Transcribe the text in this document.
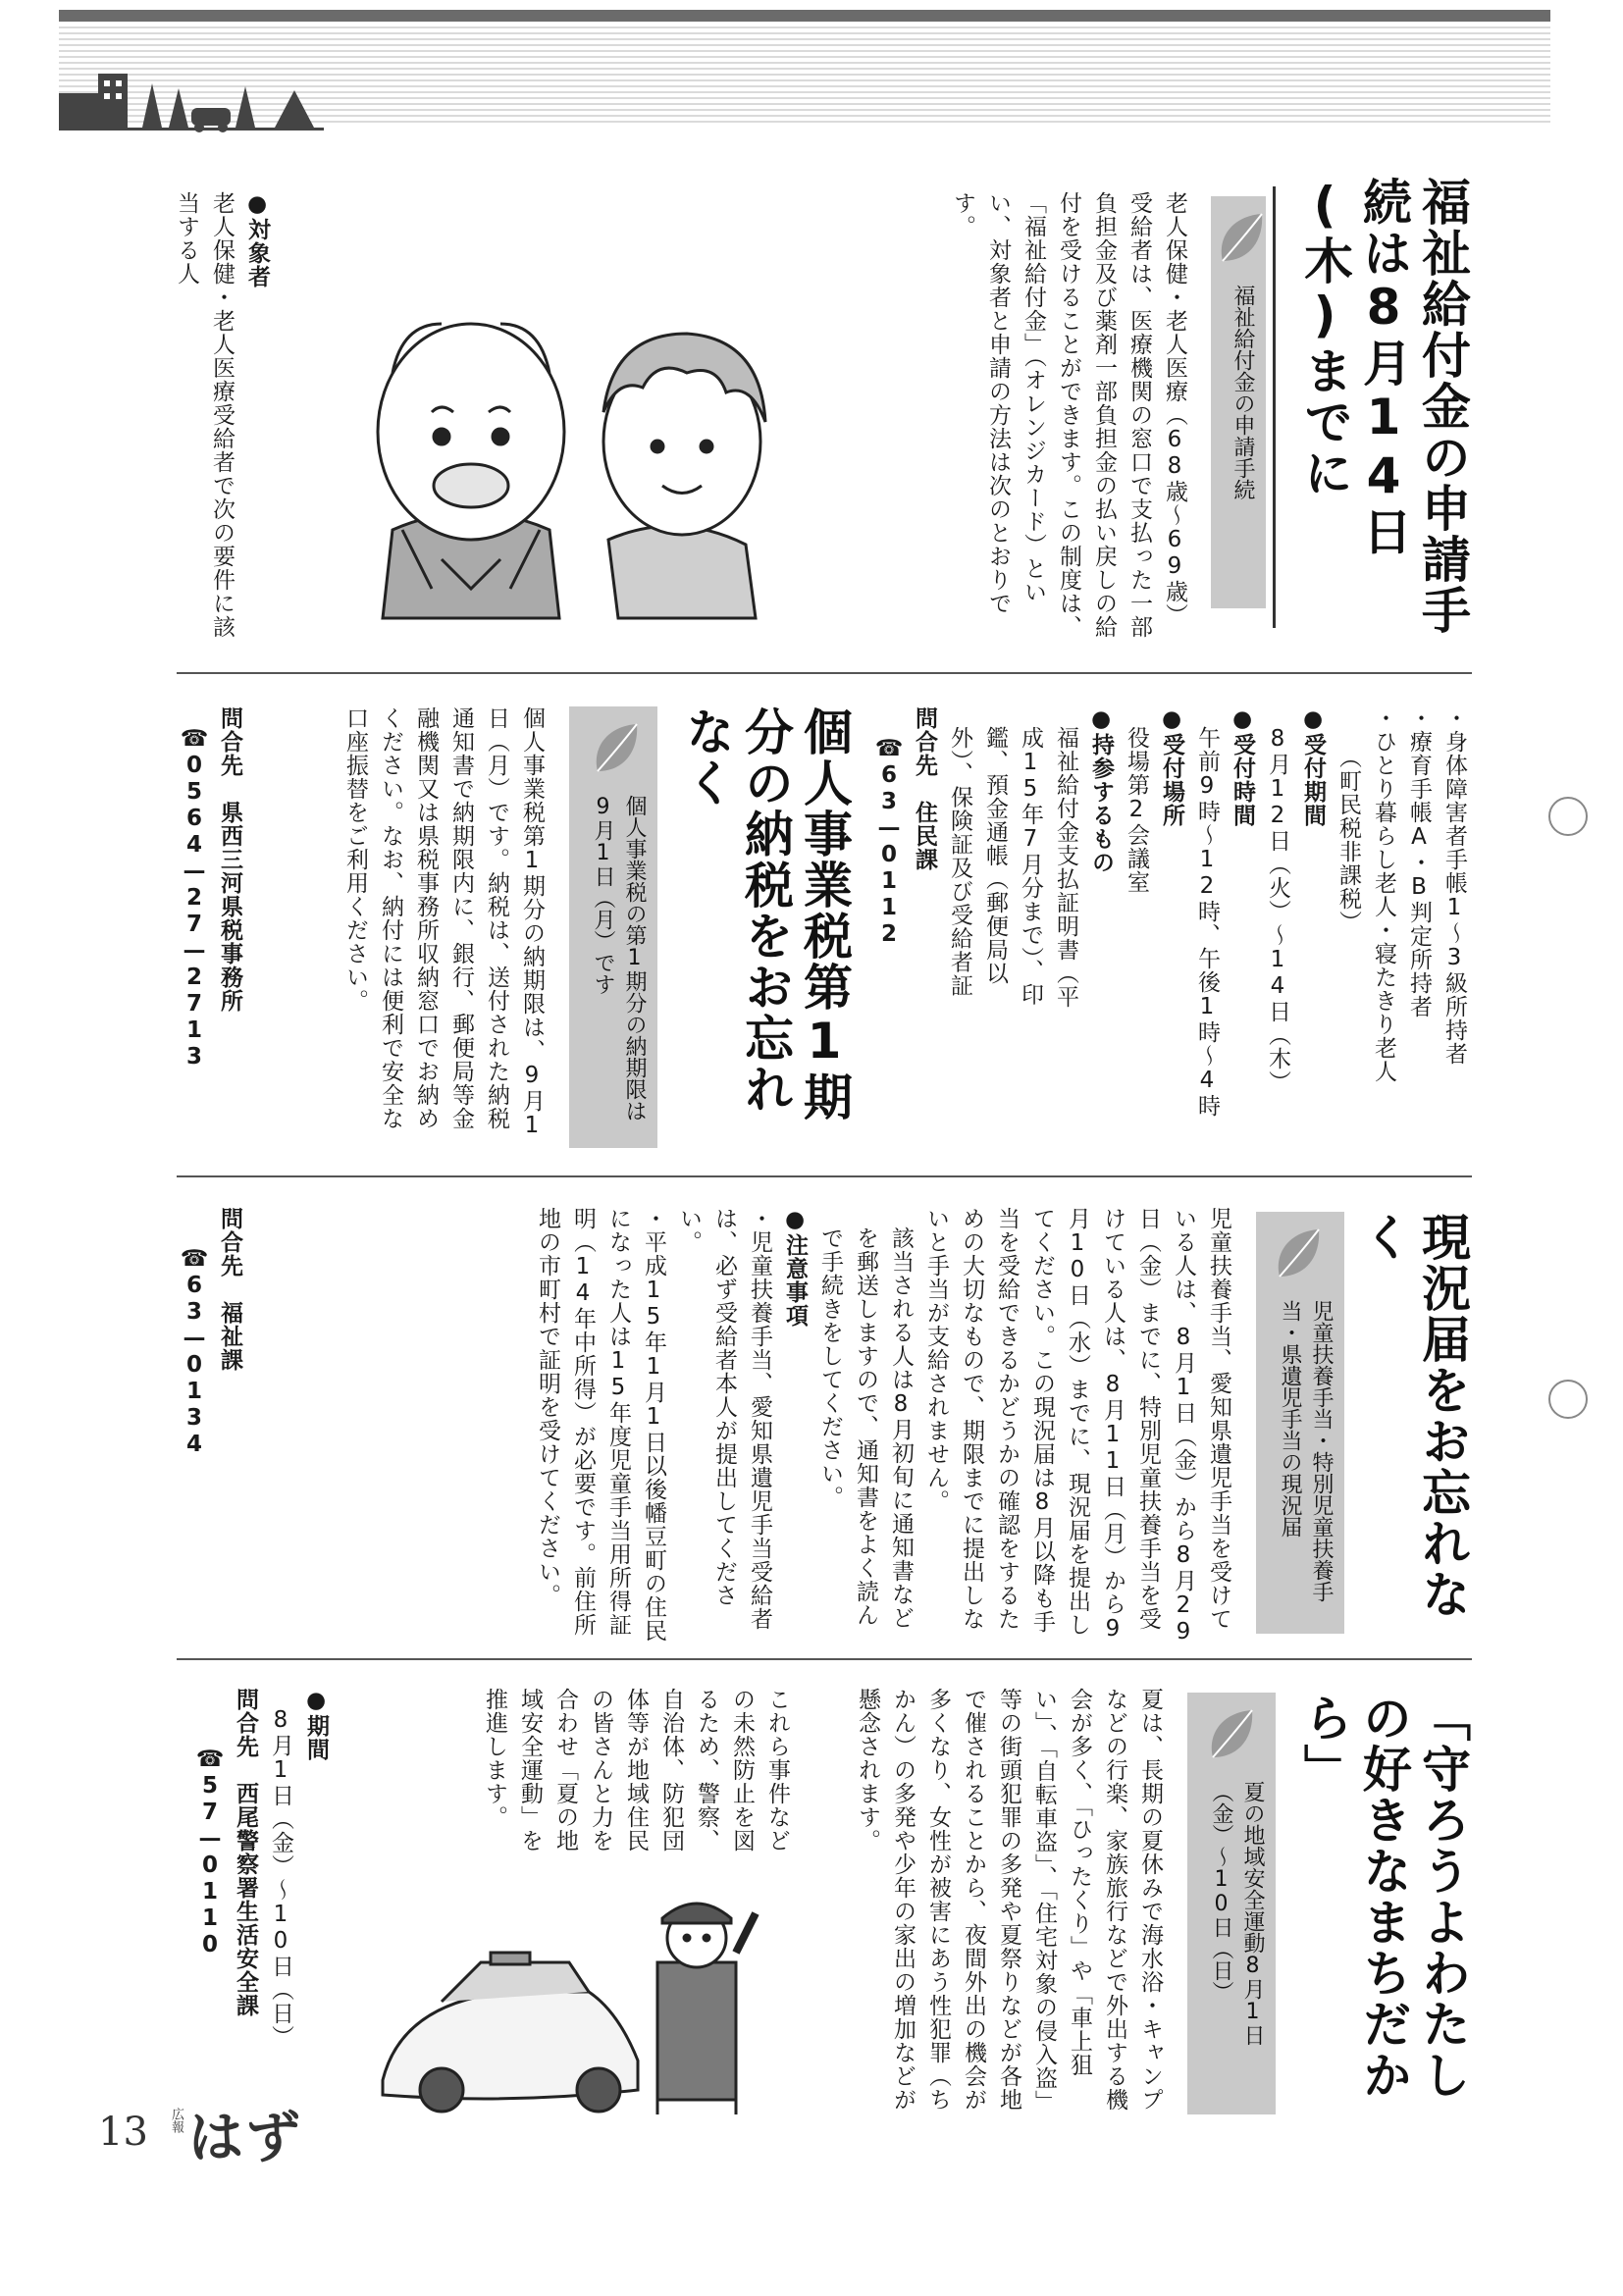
福祉給付金の申請手続は8月14日(木)までに
福祉給付金の申請手続
老人保健・老人医療（68歳〜69歳）受給者は、医療機関の窓口で支払った一部負担金及び薬剤一部負担金の払い戻しの給付を受けることができます。この制度は、「福祉給付金」（オレンジカード）といい、対象者と申請の方法は次のとおりです。
●対象者
老人保健・老人医療受給者で次の要件に該当する人
・身体障害者手帳1〜3級所持者
・療育手帳A・B判定所持者
・ひとり暮らし老人・寝たきり老人
（町民税非課税）
●受付期間
8月12日（火）〜14日（木）
●受付時間
午前9時〜12時、午後1時〜4時
●受付場所
役場第2会議室
●持参するもの
福祉給付金支払証明書（平成15年7月分まで）、印鑑、預金通帳（郵便局以外）、保険証及び受給者証
問合先　住民課
☎63—0112
個人事業税第1期分の納税をお忘れなく
個人事業税の第1期分の納期限は9月1日（月）です
個人事業税第1期分の納期限は、9月1日（月）です。納税は、送付された納税通知書で納期限内に、銀行、郵便局等金融機関又は県税事務所収納窓口でお納めください。なお、納付には便利で安全な口座振替をご利用ください。
問合先　県西三河県税事務所 ☎0564—27—2713
現況届をお忘れなく
児童扶養手当・特別児童扶養手当・県遺児手当の現況届
児童扶養手当、愛知県遺児手当を受けている人は、8月1日（金）から8月29日（金）までに、特別児童扶養手当を受けている人は、8月11日（月）から9月10日（水）までに、現況届を提出してください。この現況届は8月以降も手当を受給できるかどうかの確認をするための大切なもので、期限までに提出しないと手当が支給されません。
該当される人は8月初旬に通知書などを郵送しますので、通知書をよく読んで手続きをしてください。
●注意事項
・児童扶養手当、愛知県遺児手当受給者は、必ず受給者本人が提出してください。
・平成15年1月1日以後幡豆町の住民になった人は15年度児童手当用所得証明（14年中所得）が必要です。前住所地の市町村で証明を受けてください。
問合先　福祉課 ☎63—0134
「守ろうよわたしの好きなまちだから」
夏の地域安全運動8月1日（金）〜10日（日）
夏は、長期の夏休みで海水浴・キャンプなどの行楽、家族旅行などで外出する機会が多く、「ひったくり」や「車上狙い」、「自転車盗」、「住宅対象の侵入盗」等の街頭犯罪の多発や夏祭りなどが各地で催されることから、夜間外出の機会が多くなり、女性が被害にあう性犯罪（ちかん）の多発や少年の家出の増加などが懸念されます。
これら事件などの未然防止を図るため、警察、自治体、防犯団体等が地域住民の皆さんと力を合わせ「夏の地域安全運動」を推進します。
●期間
8月1日（金）〜10日（日）
問合先　西尾警察署生活安全課
☎57—0110
13 広報 はず
